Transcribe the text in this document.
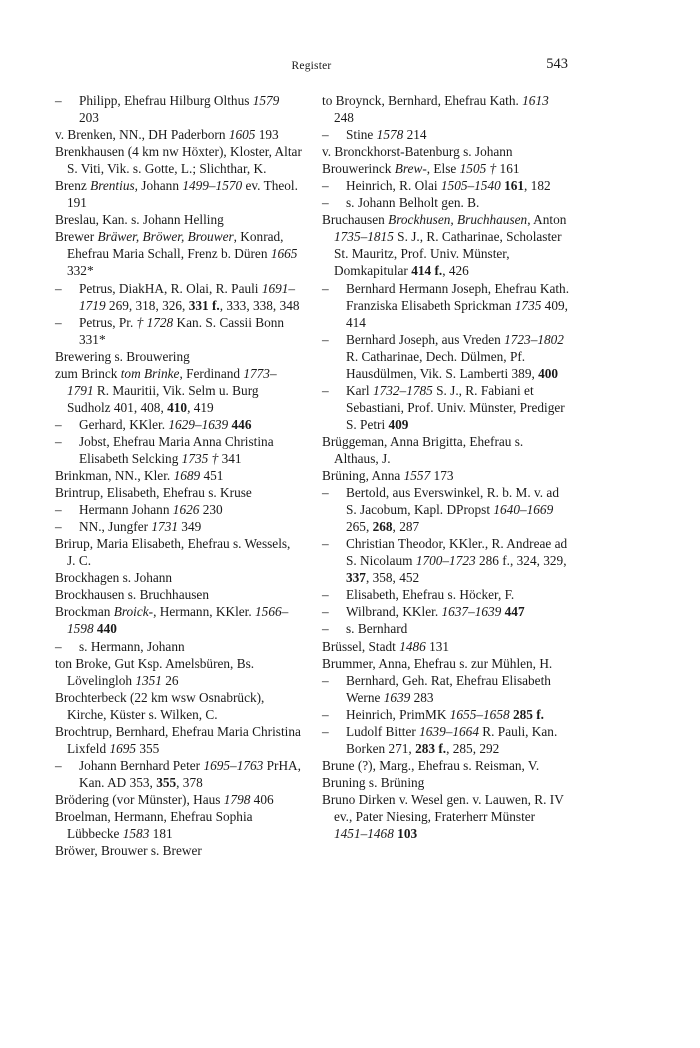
Register	543

– Philipp, Ehefrau Hilburg Olthus 1579 203

v. Brenken, NN., DH Paderborn 1605 193

Brenkhausen (4 km nw Höxter), Kloster, Altar S. Viti, Vik. s. Gotte, L.; Slichthar, K.

Brenz Brentius, Johann 1499–1570 ev. Theol. 191

Breslau, Kan. s. Johann Helling

Brewer Bräwer, Bröwer, Brouwer, Konrad, Ehefrau Maria Schall, Frenz b. Düren 1665 332*

– Petrus, DiakHA, R. Olai, R. Pauli 1691–1719 269, 318, 326, 331 f., 333, 338, 348

– Petrus, Pr. † 1728 Kan. S. Cassii Bonn 331*

Brewering s. Brouwering

zum Brinck tom Brinke, Ferdinand 1773–1791 R. Mauritii, Vik. Selm u. Burg Sudholz 401, 408, 410, 419

– Gerhard, KKler. 1629–1639 446

– Jobst, Ehefrau Maria Anna Christina Elisabeth Selcking 1735 † 341

Brinkman, NN., Kler. 1689 451

Brintrup, Elisabeth, Ehefrau s. Kruse

– Hermann Johann 1626 230

– NN., Jungfer 1731 349

Brirup, Maria Elisabeth, Ehefrau s. Wessels, J. C.

Brockhagen s. Johann

Brockhausen s. Bruchhausen

Brockman Broick-, Hermann, KKler. 1566–1598 440

– s. Hermann, Johann

ton Broke, Gut Ksp. Amelsbüren, Bs. Lövelingloh 1351 26

Brochterbeck (22 km wsw Osnabrück), Kirche, Küster s. Wilken, C.

Brochtrup, Bernhard, Ehefrau Maria Christina Lixfeld 1695 355

– Johann Bernhard Peter 1695–1763 PrHA, Kan. AD 353, 355, 378

Brödering (vor Münster), Haus 1798 406

Broelman, Hermann, Ehefrau Sophia Lübbecke 1583 181

Bröwer, Brouwer s. Brewer

to Broynck, Bernhard, Ehefrau Kath. 1613 248

– Stine 1578 214

v. Bronckhorst-Batenburg s. Johann

Brouwerinck Brew-, Else 1505 † 161

– Heinrich, R. Olai 1505–1540 161, 182

– s. Johann Belholt gen. B.

Bruchausen Brockhusen, Bruchhausen, Anton 1735–1815 S. J., R. Catharinae, Scholaster St. Mauritz, Prof. Univ. Münster, Domkapitular 414 f., 426

– Bernhard Hermann Joseph, Ehefrau Kath. Franziska Elisabeth Sprickman 1735 409, 414

– Bernhard Joseph, aus Vreden 1723–1802 R. Catharinae, Dech. Dülmen, Pf. Hausdülmen, Vik. S. Lamberti 389, 400

– Karl 1732–1785 S. J., R. Fabiani et Sebastiani, Prof. Univ. Münster, Prediger S. Petri 409

Brüggeman, Anna Brigitta, Ehefrau s. Althaus, J.

Brüning, Anna 1557 173

– Bertold, aus Everswinkel, R. b. M. v. ad S. Jacobum, Kapl. DPropst 1640–1669 265, 268, 287

– Christian Theodor, KKler., R. Andreae ad S. Nicolaum 1700–1723 286 f., 324, 329, 337, 358, 452

– Elisabeth, Ehefrau s. Höcker, F.

– Wilbrand, KKler. 1637–1639 447

– s. Bernhard

Brüssel, Stadt 1486 131

Brummer, Anna, Ehefrau s. zur Mühlen, H.

– Bernhard, Geh. Rat, Ehefrau Elisabeth Werne 1639 283

– Heinrich, PrimMK 1655–1658 285 f.

– Ludolf Bitter 1639–1664 R. Pauli, Kan. Borken 271, 283 f., 285, 292

Brune (?), Marg., Ehefrau s. Reisman, V.

Bruning s. Brüning

Bruno Dirken v. Wesel gen. v. Lauwen, R. IV ev., Pater Niesing, Fraterherr Münster 1451–1468 103
